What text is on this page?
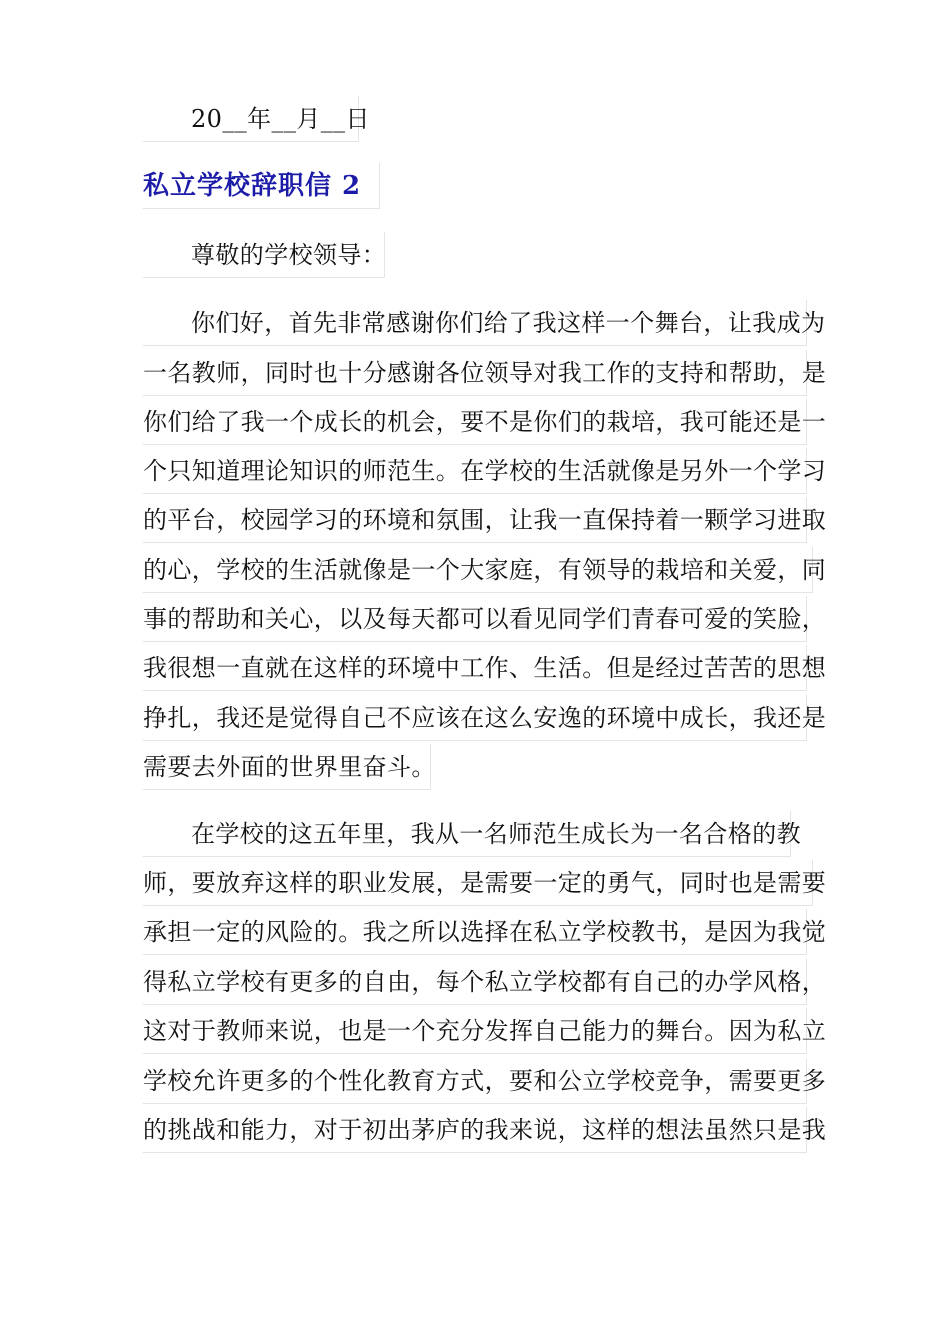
20__年__月__日
私立学校辞职信 2
尊敬的学校领导：
你们好，首先非常感谢你们给了我这样一个舞台，让我成为
一名教师，同时也十分感谢各位领导对我工作的支持和帮助，是
你们给了我一个成长的机会，要不是你们的栽培，我可能还是一
个只知道理论知识的师范生。在学校的生活就像是另外一个学习
的平台，校园学习的环境和氛围，让我一直保持着一颗学习进取
的心，学校的生活就像是一个大家庭，有领导的栽培和关爱，同
事的帮助和关心，以及每天都可以看见同学们青春可爱的笑脸，
我很想一直就在这样的环境中工作、生活。但是经过苦苦的思想
挣扎，我还是觉得自己不应该在这么安逸的环境中成长，我还是
需要去外面的世界里奋斗。
在学校的这五年里，我从一名师范生成长为一名合格的教
师，要放弃这样的职业发展，是需要一定的勇气，同时也是需要
承担一定的风险的。我之所以选择在私立学校教书，是因为我觉
得私立学校有更多的自由，每个私立学校都有自己的办学风格，
这对于教师来说，也是一个充分发挥自己能力的舞台。因为私立
学校允许更多的个性化教育方式，要和公立学校竞争，需要更多
的挑战和能力，对于初出茅庐的我来说，这样的想法虽然只是我
